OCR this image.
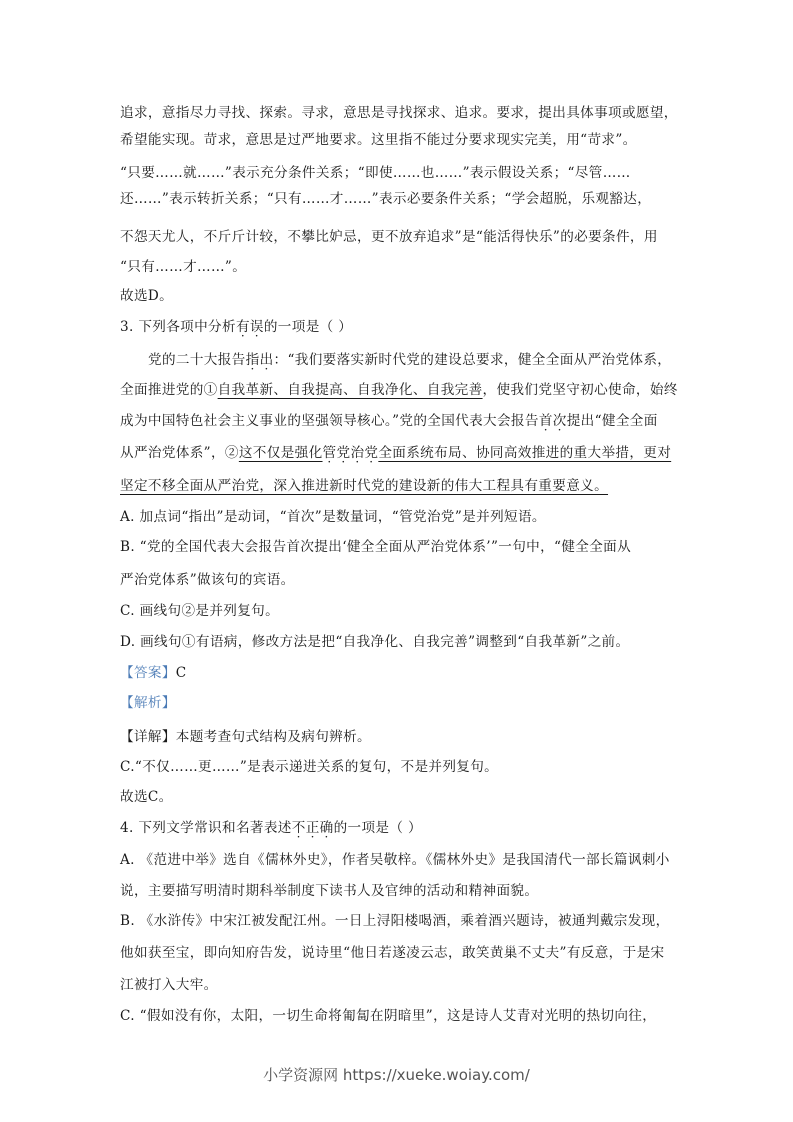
追求，意指尽力寻找、探索。寻求，意思是寻找探求、追求。要求，提出具体事项或愿望，
希望能实现。苛求，意思是过严地要求。这里指不能过分要求现实完美，用“苛求”。
“只要……就……”表示充分条件关系；“即使……也……”表示假设关系；“尽管……
还……”表示转折关系；“只有……才……”表示必要条件关系；“学会超脱，乐观豁达，
不怨天尤人，不斤斤计较，不攀比妒忌，更不放弃追求”是“能活得快乐”的必要条件，用
“只有……才……”。
故选D。
3. 下列各项中分析有误的一项是（ ）
党的二十大报告指出：“我们要落实新时代党的建设总要求，健全全面从严治党体系，
全面推进党的①自我革新、自我提高、自我净化、自我完善，使我们党坚守初心使命，始终
成为中国特色社会主义事业的坚强领导核心。”党的全国代表大会报告首次提出“健全全面
从严治党体系”，②这不仅是强化管党治党全面系统布局、协同高效推进的重大举措，更对
坚定不移全面从严治党，深入推进新时代党的建设新的伟大工程具有重要意义。
A. 加点词“指出”是动词，“首次”是数量词，“管党治党”是并列短语。
B. “党的全国代表大会报告首次提出‘健全全面从严治党体系’”一句中，“健全全面从
严治党体系”做该句的宾语。
C. 画线句②是并列复句。
D. 画线句①有语病，修改方法是把“自我净化、自我完善”调整到“自我革新”之前。
【答案】C
【解析】
【详解】本题考查句式结构及病句辨析。
C.“不仅……更……”是表示递进关系的复句，不是并列复句。
故选C。
4. 下列文学常识和名著表述不正确的一项是（ ）
A. 《范进中举》选自《儒林外史》，作者吴敬梓。《儒林外史》是我国清代一部长篇讽刺小
说，主要描写明清时期科举制度下读书人及官绅的活动和精神面貌。
B. 《水浒传》中宋江被发配江州。一日上浔阳楼喝酒，乘着酒兴题诗，被通判戴宗发现，
他如获至宝，即向知府告发，说诗里“他日若遂凌云志，敢笑黄巢不丈夫”有反意，于是宋
江被打入大牢。
C. “假如没有你，太阳，一切生命将匍匐在阴暗里”，这是诗人艾青对光明的热切向往，
小学资源网 https://xueke.woiay.com/
